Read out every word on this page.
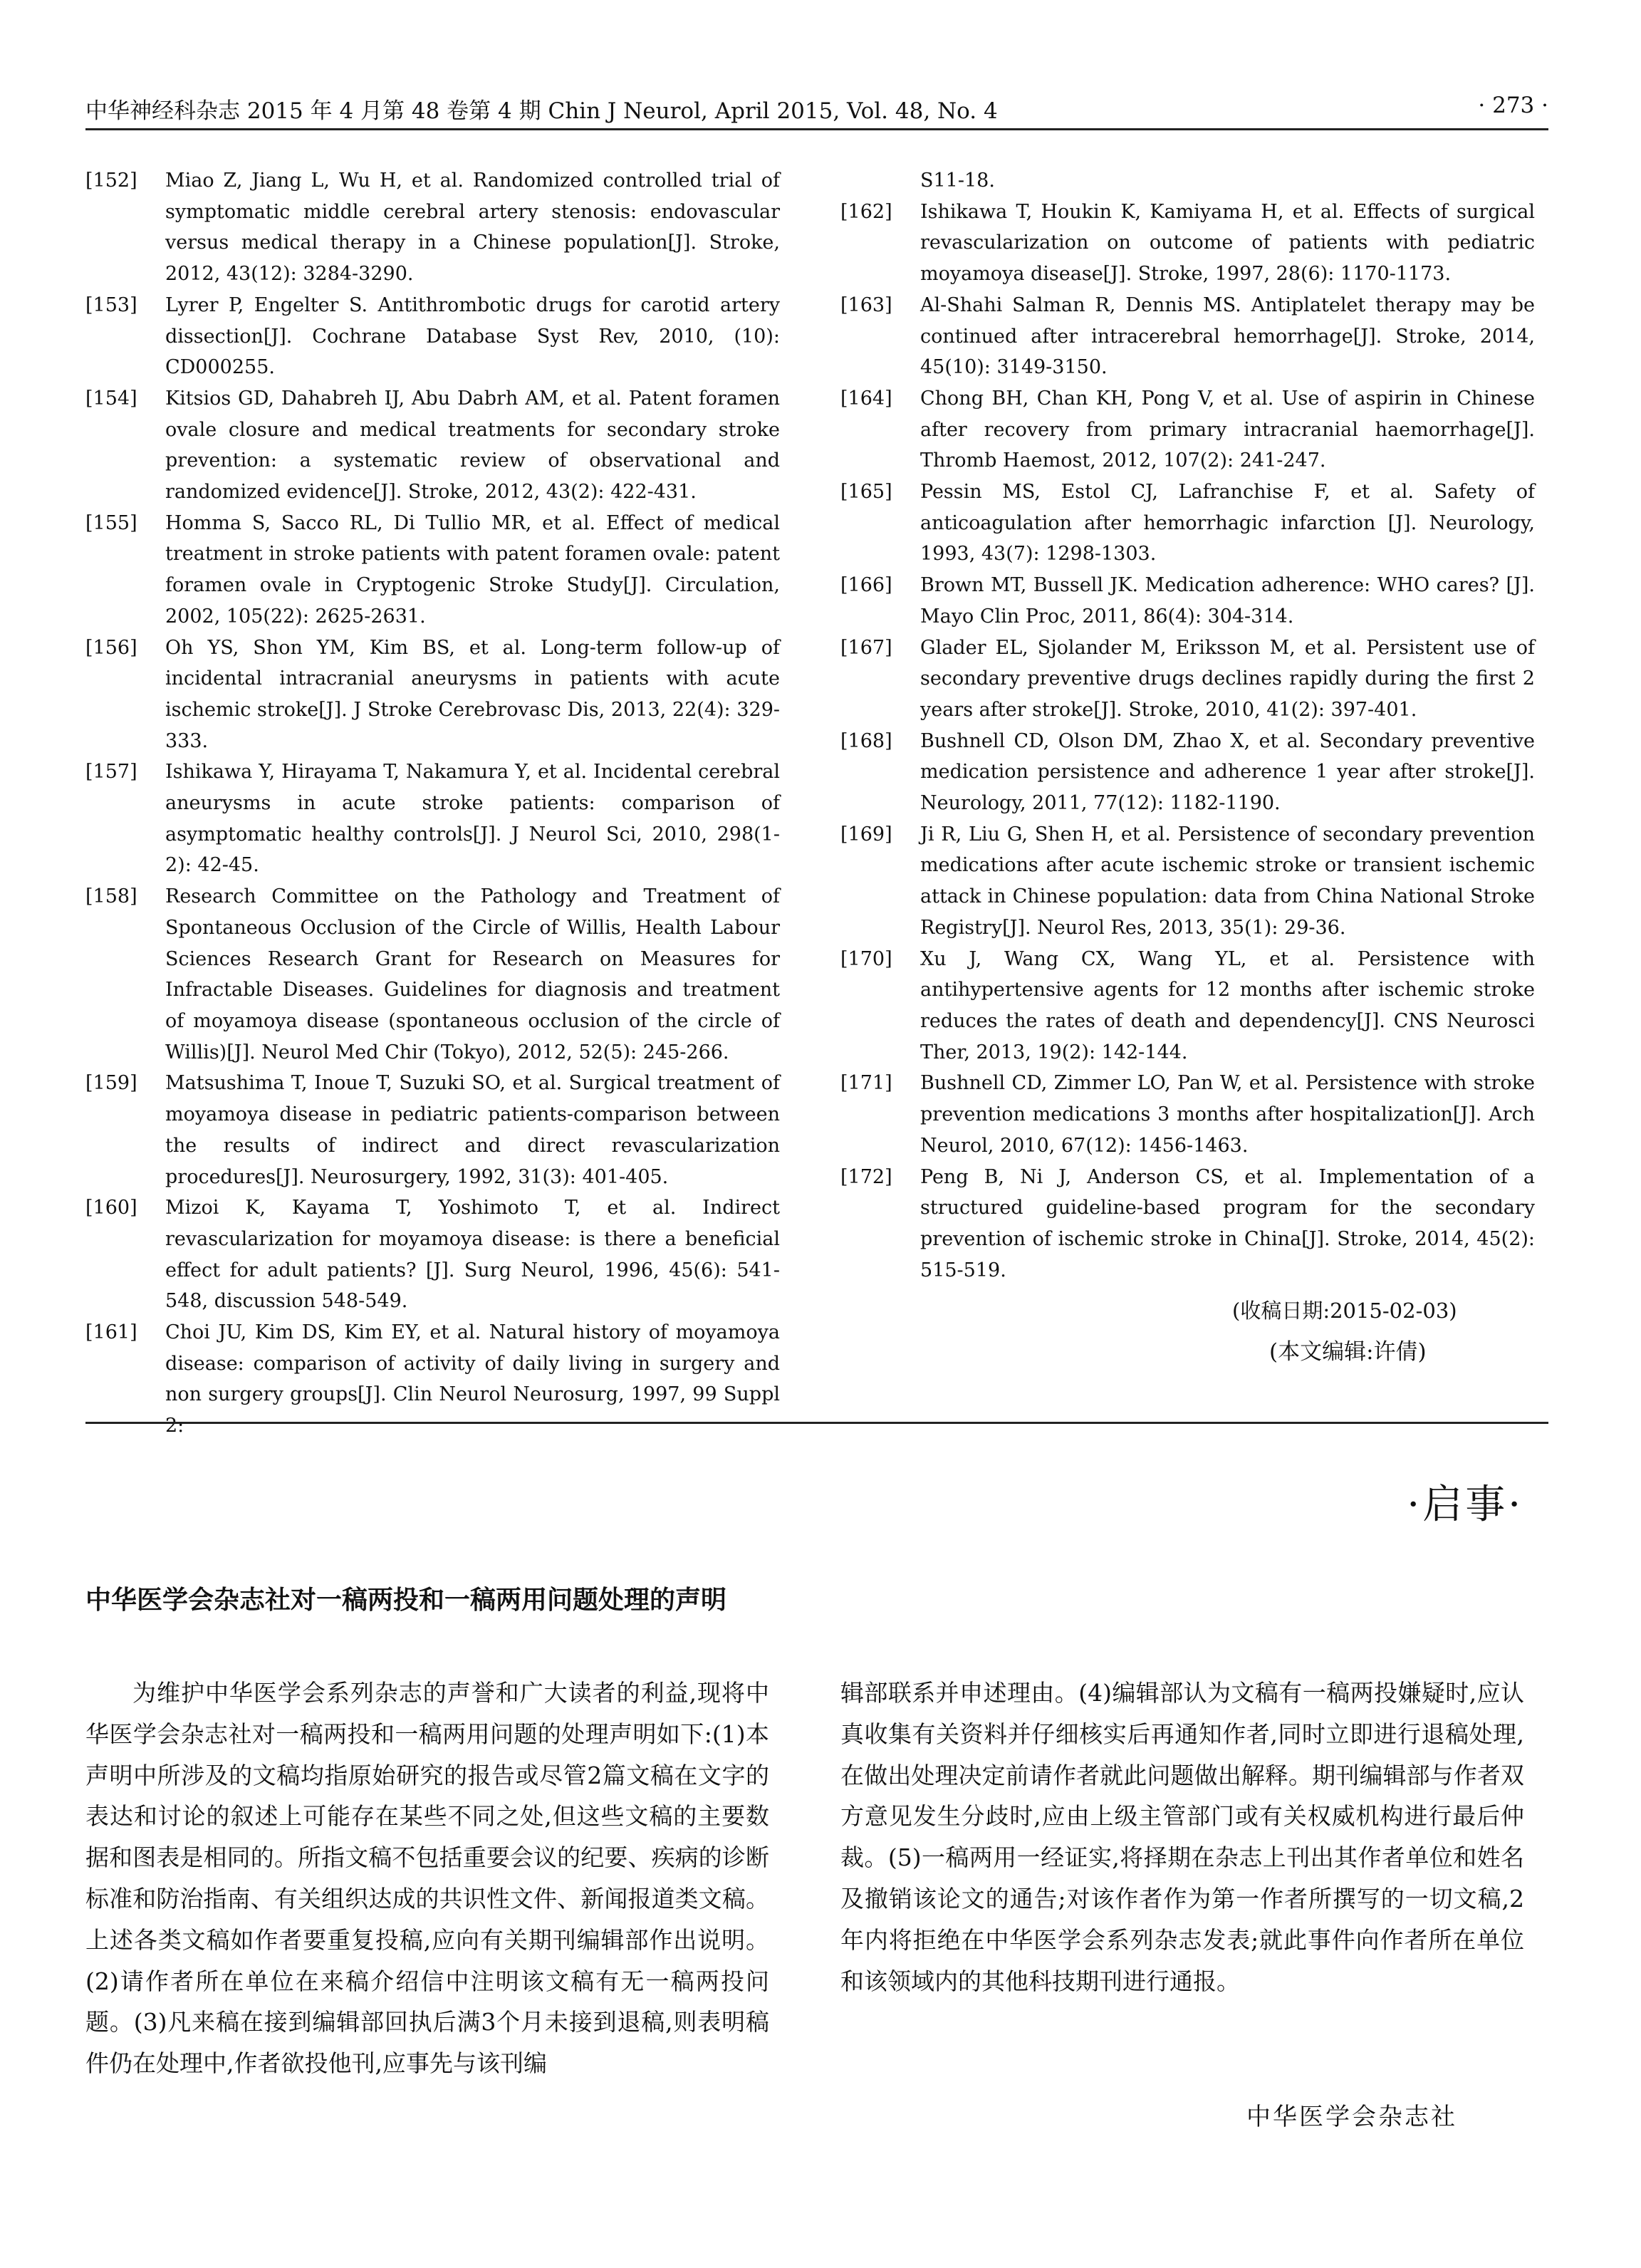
中华神经科杂志 2015 年 4 月第 48 卷第 4 期 Chin J Neurol, April 2015, Vol. 48, No. 4	· 273 ·

[152] Miao Z, Jiang L, Wu H, et al. Randomized controlled trial of symptomatic middle cerebral artery stenosis: endovascular versus medical therapy in a Chinese population[J]. Stroke, 2012, 43(12): 3284-3290.

[153] Lyrer P, Engelter S. Antithrombotic drugs for carotid artery dissection[J]. Cochrane Database Syst Rev, 2010, (10): CD000255.

[154] Kitsios GD, Dahabreh IJ, Abu Dabrh AM, et al. Patent foramen ovale closure and medical treatments for secondary stroke prevention: a systematic review of observational and randomized evidence[J]. Stroke, 2012, 43(2): 422-431.

[155] Homma S, Sacco RL, Di Tullio MR, et al. Effect of medical treatment in stroke patients with patent foramen ovale: patent foramen ovale in Cryptogenic Stroke Study[J]. Circulation, 2002, 105(22): 2625-2631.

[156] Oh YS, Shon YM, Kim BS, et al. Long-term follow-up of incidental intracranial aneurysms in patients with acute ischemic stroke[J]. J Stroke Cerebrovasc Dis, 2013, 22(4): 329-333.

[157] Ishikawa Y, Hirayama T, Nakamura Y, et al. Incidental cerebral aneurysms in acute stroke patients: comparison of asymptomatic healthy controls[J]. J Neurol Sci, 2010, 298(1-2): 42-45.

[158] Research Committee on the Pathology and Treatment of Spontaneous Occlusion of the Circle of Willis, Health Labour Sciences Research Grant for Research on Measures for Infractable Diseases. Guidelines for diagnosis and treatment of moyamoya disease (spontaneous occlusion of the circle of Willis)[J]. Neurol Med Chir (Tokyo), 2012, 52(5): 245-266.

[159] Matsushima T, Inoue T, Suzuki SO, et al. Surgical treatment of moyamoya disease in pediatric patients-comparison between the results of indirect and direct revascularization procedures[J]. Neurosurgery, 1992, 31(3): 401-405.

[160] Mizoi K, Kayama T, Yoshimoto T, et al. Indirect revascularization for moyamoya disease: is there a beneficial effect for adult patients? [J]. Surg Neurol, 1996, 45(6): 541-548, discussion 548-549.

[161] Choi JU, Kim DS, Kim EY, et al. Natural history of moyamoya disease: comparison of activity of daily living in surgery and non surgery groups[J]. Clin Neurol Neurosurg, 1997, 99 Suppl 2:

S11-18.

[162] Ishikawa T, Houkin K, Kamiyama H, et al. Effects of surgical revascularization on outcome of patients with pediatric moyamoya disease[J]. Stroke, 1997, 28(6): 1170-1173.

[163] Al-Shahi Salman R, Dennis MS. Antiplatelet therapy may be continued after intracerebral hemorrhage[J]. Stroke, 2014, 45(10): 3149-3150.

[164] Chong BH, Chan KH, Pong V, et al. Use of aspirin in Chinese after recovery from primary intracranial haemorrhage[J]. Thromb Haemost, 2012, 107(2): 241-247.

[165] Pessin MS, Estol CJ, Lafranchise F, et al. Safety of anticoagulation after hemorrhagic infarction [J]. Neurology, 1993, 43(7): 1298-1303.

[166] Brown MT, Bussell JK. Medication adherence: WHO cares? [J]. Mayo Clin Proc, 2011, 86(4): 304-314.

[167] Glader EL, Sjolander M, Eriksson M, et al. Persistent use of secondary preventive drugs declines rapidly during the first 2 years after stroke[J]. Stroke, 2010, 41(2): 397-401.

[168] Bushnell CD, Olson DM, Zhao X, et al. Secondary preventive medication persistence and adherence 1 year after stroke[J]. Neurology, 2011, 77(12): 1182-1190.

[169] Ji R, Liu G, Shen H, et al. Persistence of secondary prevention medications after acute ischemic stroke or transient ischemic attack in Chinese population: data from China National Stroke Registry[J]. Neurol Res, 2013, 35(1): 29-36.

[170] Xu J, Wang CX, Wang YL, et al. Persistence with antihypertensive agents for 12 months after ischemic stroke reduces the rates of death and dependency[J]. CNS Neurosci Ther, 2013, 19(2): 142-144.

[171] Bushnell CD, Zimmer LO, Pan W, et al. Persistence with stroke prevention medications 3 months after hospitalization[J]. Arch Neurol, 2010, 67(12): 1456-1463.

[172] Peng B, Ni J, Anderson CS, et al. Implementation of a structured guideline-based program for the secondary prevention of ischemic stroke in China[J]. Stroke, 2014, 45(2): 515-519.

(收稿日期:2015-02-03)
(本文编辑:许倩)
·启事·
中华医学会杂志社对一稿两投和一稿两用问题处理的声明

为维护中华医学会系列杂志的声誉和广大读者的利益,现将中华医学会杂志社对一稿两投和一稿两用问题的处理声明如下:(1)本声明中所涉及的文稿均指原始研究的报告或尽管2篇文稿在文字的表达和讨论的叙述上可能存在某些不同之处,但这些文稿的主要数据和图表是相同的。所指文稿不包括重要会议的纪要、疾病的诊断标准和防治指南、有关组织达成的共识性文件、新闻报道类文稿。上述各类文稿如作者要重复投稿,应向有关期刊编辑部作出说明。(2)请作者所在单位在来稿介绍信中注明该文稿有无一稿两投问题。(3)凡来稿在接到编辑部回执后满3个月未接到退稿,则表明稿件仍在处理中,作者欲投他刊,应事先与该刊编

辑部联系并申述理由。(4)编辑部认为文稿有一稿两投嫌疑时,应认真收集有关资料并仔细核实后再通知作者,同时立即进行退稿处理,在做出处理决定前请作者就此问题做出解释。期刊编辑部与作者双方意见发生分歧时,应由上级主管部门或有关权威机构进行最后仲裁。(5)一稿两用一经证实,将择期在杂志上刊出其作者单位和姓名及撤销该论文的通告;对该作者作为第一作者所撰写的一切文稿,2年内将拒绝在中华医学会系列杂志发表;就此事件向作者所在单位和该领域内的其他科技期刊进行通报。

中华医学会杂志社
